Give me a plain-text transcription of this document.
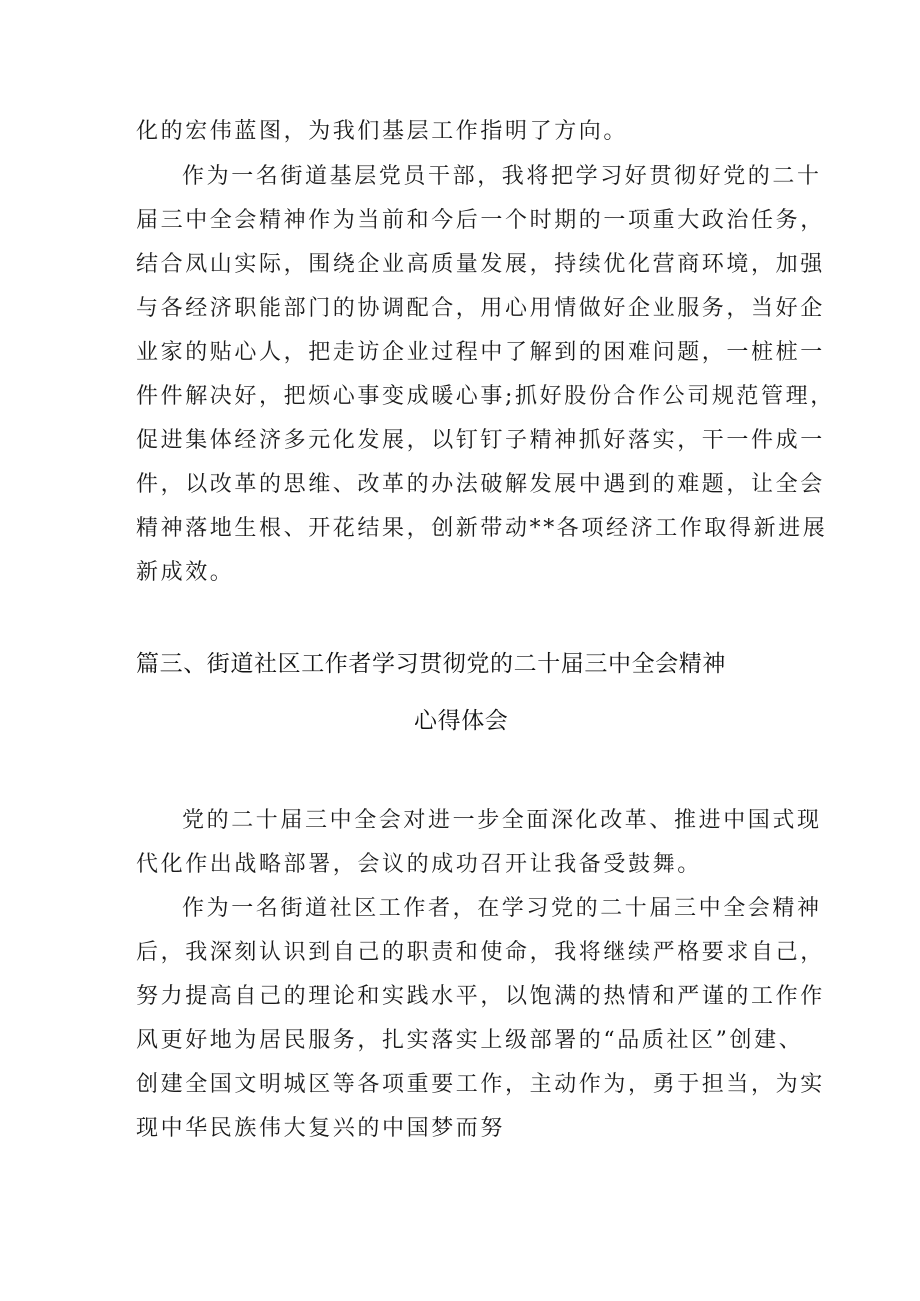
化的宏伟蓝图，为我们基层工作指明了方向。
作为一名街道基层党员干部，我将把学习好贯彻好党的二十
届三中全会精神作为当前和今后一个时期的一项重大政治任务，
结合凤山实际，围绕企业高质量发展，持续优化营商环境，加强
与各经济职能部门的协调配合，用心用情做好企业服务，当好企
业家的贴心人，把走访企业过程中了解到的困难问题，一桩桩一
件件解决好，把烦心事变成暖心事;抓好股份合作公司规范管理，
促进集体经济多元化发展，以钉钉子精神抓好落实，干一件成一
件，以改革的思维、改革的办法破解发展中遇到的难题，让全会
精神落地生根、开花结果，创新带动**各项经济工作取得新进展
新成效。
篇三、街道社区工作者学习贯彻党的二十届三中全会精神
心得体会
党的二十届三中全会对进一步全面深化改革、推进中国式现
代化作出战略部署，会议的成功召开让我备受鼓舞。
作为一名街道社区工作者，在学习党的二十届三中全会精神
后，我深刻认识到自己的职责和使命，我将继续严格要求自己，
努力提高自己的理论和实践水平，以饱满的热情和严谨的工作作
风更好地为居民服务，扎实落实上级部署的“品质社区”创建、
创建全国文明城区等各项重要工作，主动作为，勇于担当，为实
现中华民族伟大复兴的中国梦而努
